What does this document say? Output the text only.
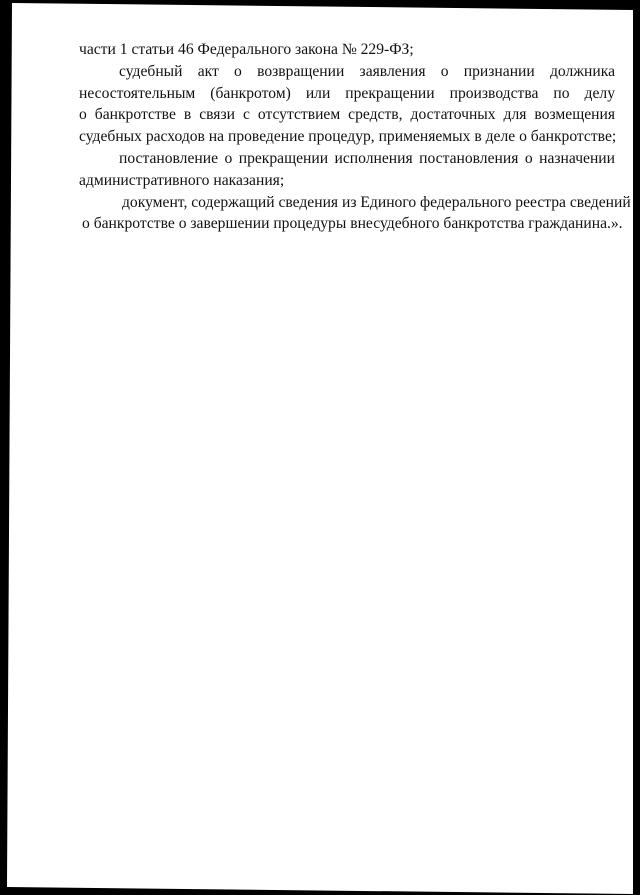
части 1 статьи 46 Федерального закона № 229-ФЗ;
судебный акт о возвращении заявления о признании должника
несостоятельным (банкротом) или прекращении производства по делу
о банкротстве в связи с отсутствием средств, достаточных для возмещения
судебных расходов на проведение процедур, применяемых в деле о банкротстве;
постановление о прекращении исполнения постановления о назначении
административного наказания;
документ, содержащий сведения из Единого федерального реестра сведений
о банкротстве о завершении процедуры внесудебного банкротства гражданина.».
